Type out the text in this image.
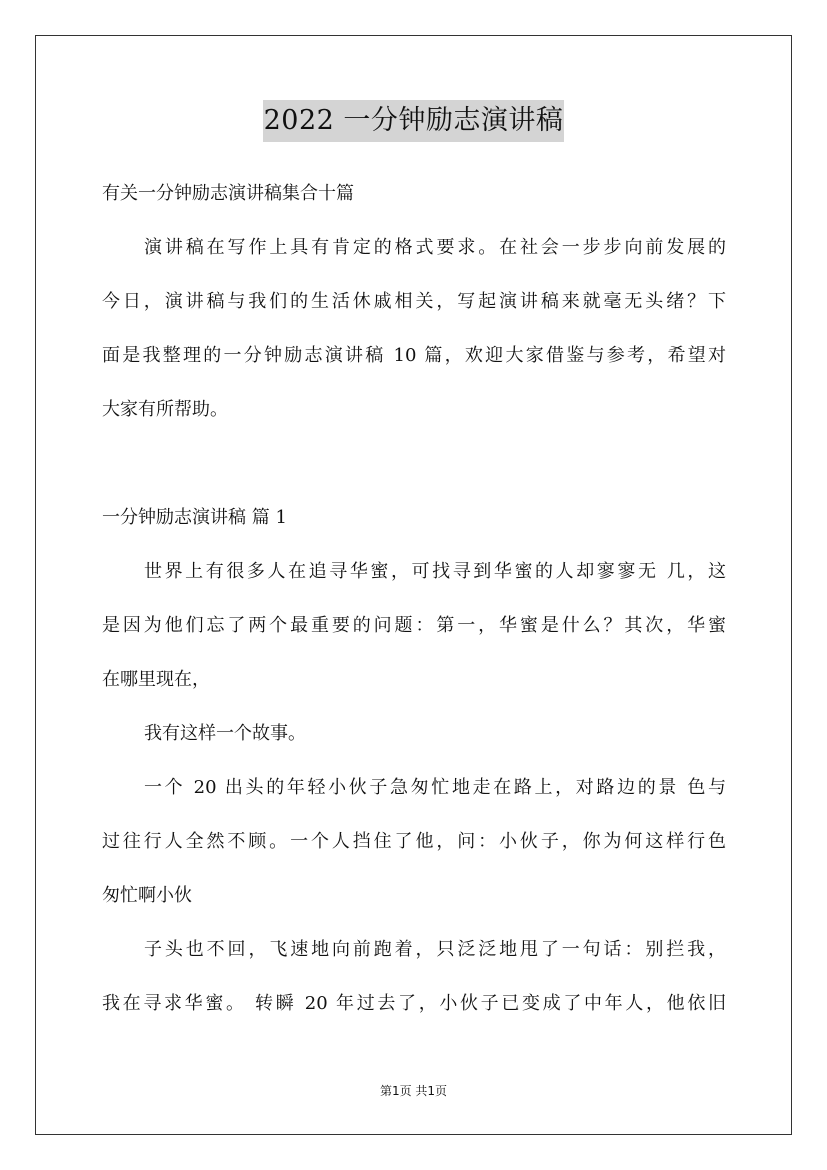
2022 一分钟励志演讲稿
有关一分钟励志演讲稿集合十篇
演讲稿在写作上具有肯定的格式要求。在社会一步步向前发展的
今日，演讲稿与我们的生活休戚相关，写起演讲稿来就毫无头绪？下
面是我整理的一分钟励志演讲稿 10 篇，欢迎大家借鉴与参考，希望对
大家有所帮助。
一分钟励志演讲稿 篇 1
世界上有很多人在追寻华蜜，可找寻到华蜜的人却寥寥无 几，这
是因为他们忘了两个最重要的问题：第一，华蜜是什么？其次，华蜜
在哪里现在，
我有这样一个故事。
一个 20 出头的年轻小伙子急匆忙地走在路上，对路边的景 色与
过往行人全然不顾。一个人挡住了他，问：小伙子，你为何这样行色
匆忙啊小伙
子头也不回，飞速地向前跑着，只泛泛地甩了一句话：别拦我，
我在寻求华蜜。 转瞬 20 年过去了，小伙子已变成了中年人，他依旧
第1页 共1页
